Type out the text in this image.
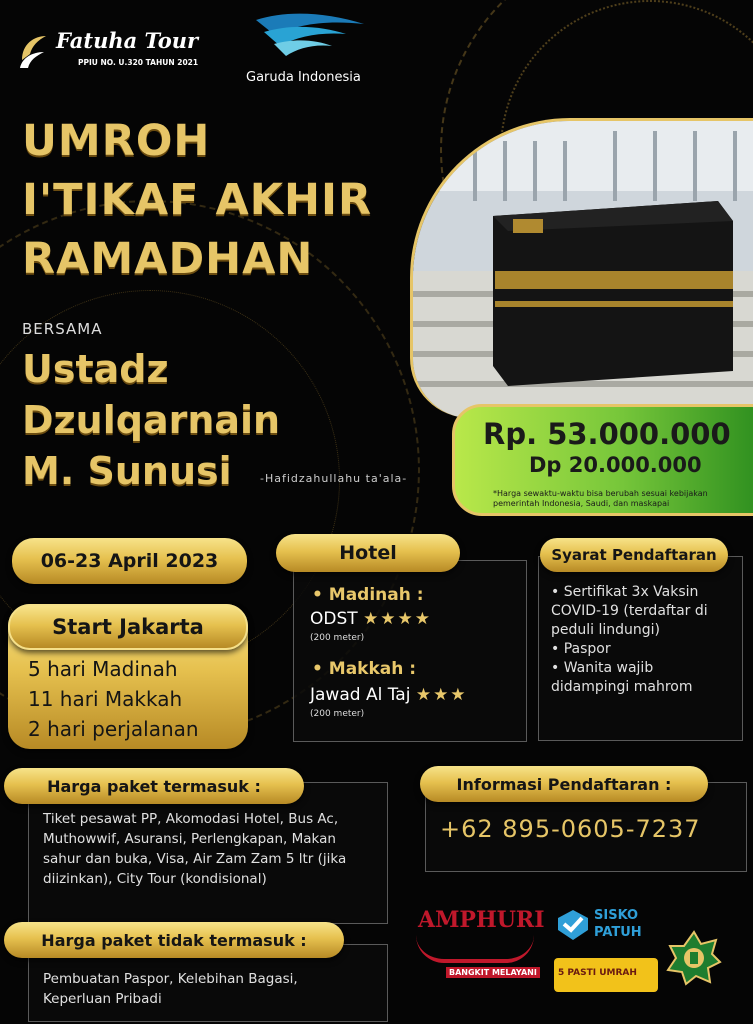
Fatuha Tour
PPIU NO. U.320 TAHUN 2021
Garuda Indonesia
UMROH
I'TIKAF AKHIR
RAMADHAN
BERSAMA
Ustadz
Dzulqarnain
M. Sunusi	-Hafidzahullahu ta'ala-
Rp. 53.000.000
Dp 20.000.000
*Harga sewaktu-waktu bisa berubah sesuai kebijakan pemerintah Indonesia, Saudi, dan maskapai
06-23 April 2023
Start Jakarta
5 hari Madinah
11 hari Makkah
2 hari perjalanan
• Madinah :
ODST ★★★★
(200 meter)
• Makkah :
Jawad Al Taj ★★★
(200 meter)
Hotel
• Sertifikat 3x Vaksin COVID-19 (terdaftar di peduli lindungi)
• Paspor
• Wanita wajib didampingi mahrom
Syarat Pendaftaran
Tiket pesawat PP, Akomodasi Hotel, Bus Ac, Muthowwif, Asuransi, Perlengkapan, Makan sahur dan buka, Visa, Air Zam Zam 5 ltr (jika diizinkan), City Tour (kondisional)
Harga paket termasuk :
Pembuatan Paspor, Kelebihan Bagasi, Keperluan Pribadi
Harga paket tidak termasuk :
+62 895-0605-7237
Informasi Pendaftaran :
AMPHURI
BANGKIT MELAYANI
SISKO
PATUH
5 PASTI UMRAH
